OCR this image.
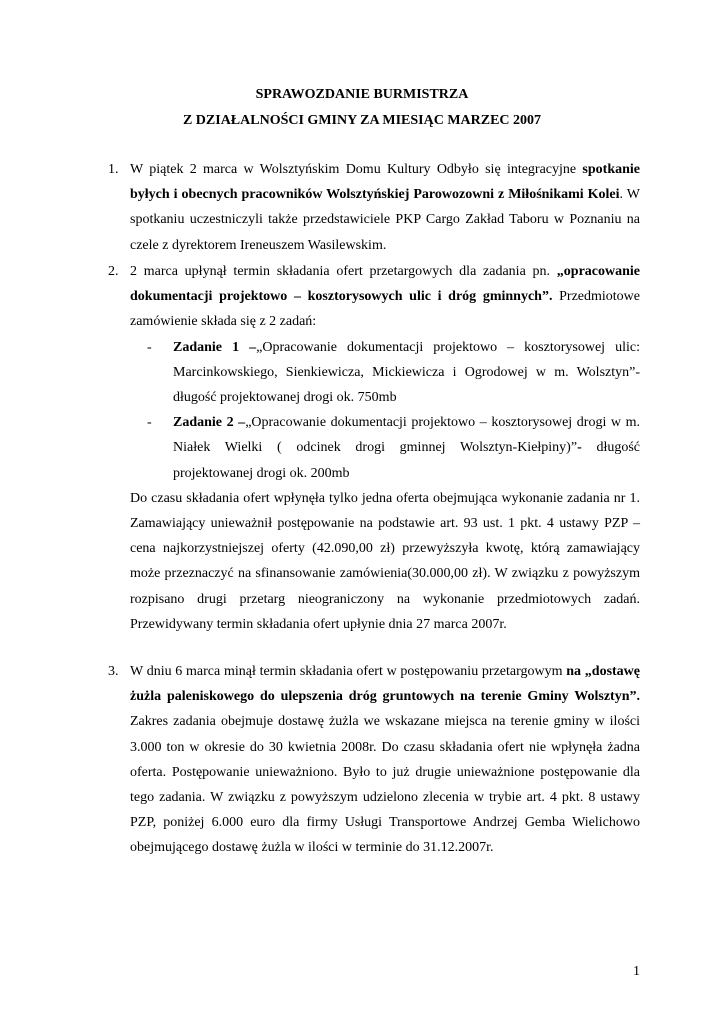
SPRAWOZDANIE BURMISTRZA
Z DZIAŁALNOŚCI GMINY ZA MIESIĄC MARZEC 2007
1. W piątek 2 marca w Wolsztyńskim Domu Kultury Odbyło się integracyjne spotkanie byłych i obecnych pracowników Wolsztyńskiej Parowozowni z Miłośnikami Kolei. W spotkaniu uczestniczyli także przedstawiciele PKP Cargo Zakład Taboru w Poznaniu na czele z dyrektorem Ireneuszem Wasilewskim.
2. 2 marca upłynął termin składania ofert przetargowych dla zadania pn. „opracowanie dokumentacji projektowo – kosztorysowych ulic i dróg gminnych”. Przedmiotowe zamówienie składa się z 2 zadań:
- Zadanie 1 –„Opracowanie dokumentacji projektowo – kosztorysowej ulic: Marcinkowskiego, Sienkiewicza, Mickiewicza i Ogrodowej w m. Wolsztyn”- długość projektowanej drogi ok. 750mb
- Zadanie 2 –„Opracowanie dokumentacji projektowo – kosztorysowej drogi w m. Niałek Wielki ( odcinek drogi gminnej Wolsztyn-Kiełpiny)”- długość projektowanej drogi ok. 200mb
Do czasu składania ofert wpłynęła tylko jedna oferta obejmująca wykonanie zadania nr 1. Zamawiający unieważnił postępowanie na podstawie art. 93 ust. 1 pkt. 4 ustawy PZP – cena najkorzystniejszej oferty (42.090,00 zł) przewyższyła kwotę, którą zamawiający może przeznaczyć na sfinansowanie zamówienia(30.000,00 zł). W związku z powyższym rozpisano drugi przetarg nieograniczony na wykonanie przedmiotowych zadań. Przewidywany termin składania ofert upłynie dnia 27 marca 2007r.
3. W dniu 6 marca minął termin składania ofert w postępowaniu przetargowym na „dostawę żużla paleniskowego do ulepszenia dróg gruntowych na terenie Gminy Wolsztyn”. Zakres zadania obejmuje dostawę żużla we wskazane miejsca na terenie gminy w ilości 3.000 ton w okresie do 30 kwietnia 2008r. Do czasu składania ofert nie wpłynęła żadna oferta. Postępowanie unieważniono. Było to już drugie unieważnione postępowanie dla tego zadania. W związku z powyższym udzielono zlecenia w trybie art. 4 pkt. 8 ustawy PZP, poniżej 6.000 euro dla firmy Usługi Transportowe Andrzej Gemba Wielichowo obejmującego dostawę żużla w ilości w terminie do 31.12.2007r.
1
